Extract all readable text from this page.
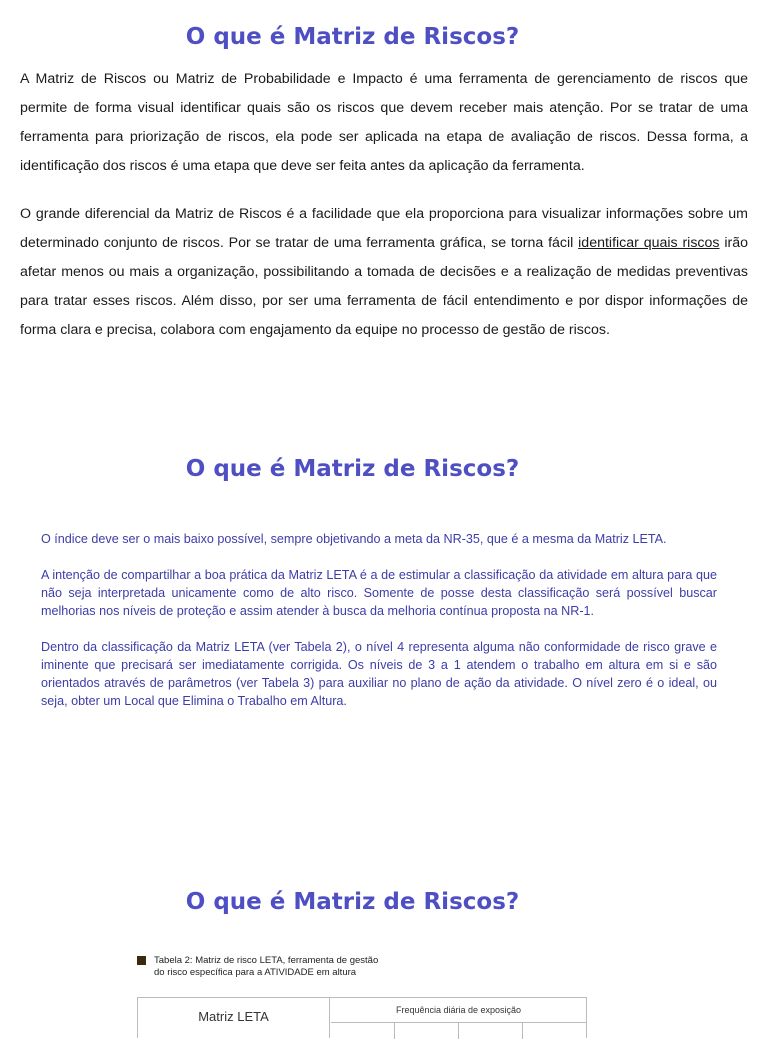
O que é Matriz de Riscos?

A Matriz de Riscos ou Matriz de Probabilidade e Impacto é uma ferramenta de gerenciamento de riscos que permite de forma visual identificar quais são os riscos que devem receber mais atenção. Por se tratar de uma ferramenta para priorização de riscos, ela pode ser aplicada na etapa de avaliação de riscos. Dessa forma, a identificação dos riscos é uma etapa que deve ser feita antes da aplicação da ferramenta.

O grande diferencial da Matriz de Riscos é a facilidade que ela proporciona para visualizar informações sobre um determinado conjunto de riscos. Por se tratar de uma ferramenta gráfica, se torna fácil identificar quais riscos irão afetar menos ou mais a organização, possibilitando a tomada de decisões e a realização de medidas preventivas para tratar esses riscos. Além disso, por ser uma ferramenta de fácil entendimento e por dispor informações de forma clara e precisa, colabora com engajamento da equipe no processo de gestão de riscos.

O que é Matriz de Riscos?

O índice deve ser o mais baixo possível, sempre objetivando a meta da NR-35, que é a mesma da Matriz LETA.

A intenção de compartilhar a boa prática da Matriz LETA é a de estimular a classificação da atividade em altura para que não seja interpretada unicamente como de alto risco. Somente de posse desta classificação será possível buscar melhorias nos níveis de proteção e assim atender à busca da melhoria contínua proposta na NR-1.

Dentro da classificação da Matriz LETA (ver Tabela 2), o nível 4 representa alguma não conformidade de risco grave e iminente que precisará ser imediatamente corrigida. Os níveis de 3 a 1 atendem o trabalho em altura em si e são orientados através de parâmetros (ver Tabela 3) para auxiliar no plano de ação da atividade. O nível zero é o ideal, ou seja, obter um Local que Elimina o Trabalho em Altura.

O que é Matriz de Riscos?
Tabela 2: Matriz de risco LETA, ferramenta de gestão
do risco específica para a ATIVIDADE em altura
Matriz LETA	Frequência diária de exposição
